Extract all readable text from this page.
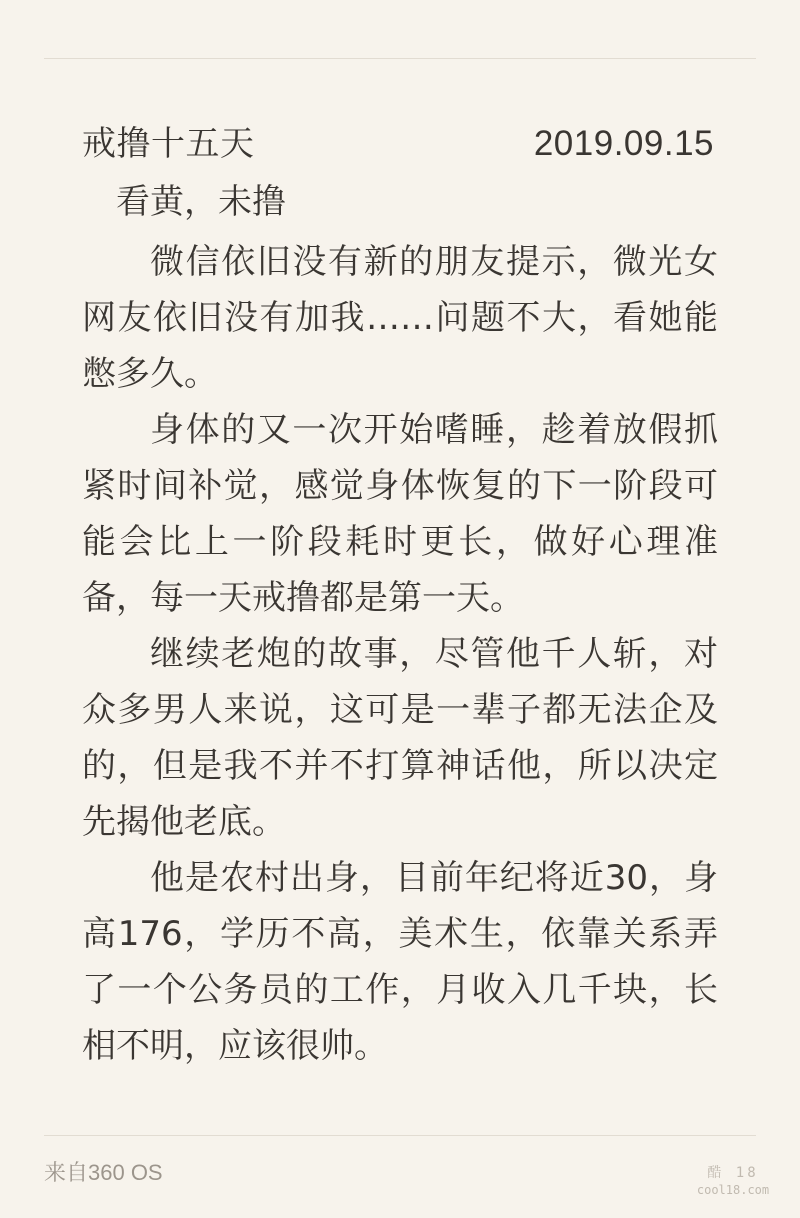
戒撸十五天	2019.09.15
看黄，未撸

微信依旧没有新的朋友提示，微光女网友依旧没有加我……问题不大，看她能憋多久。

身体的又一次开始嗜睡，趁着放假抓紧时间补觉，感觉身体恢复的下一阶段可能会比上一阶段耗时更长，做好心理准备，每一天戒撸都是第一天。

继续老炮的故事，尽管他千人斩，对众多男人来说，这可是一辈子都无法企及的，但是我不并不打算神话他，所以决定先揭他老底。

他是农村出身，目前年纪将近30，身高176，学历不高，美术生，依靠关系弄了一个公务员的工作，月收入几千块，长相不明，应该很帅。

来自360 OS	酷 18
cool18.com
